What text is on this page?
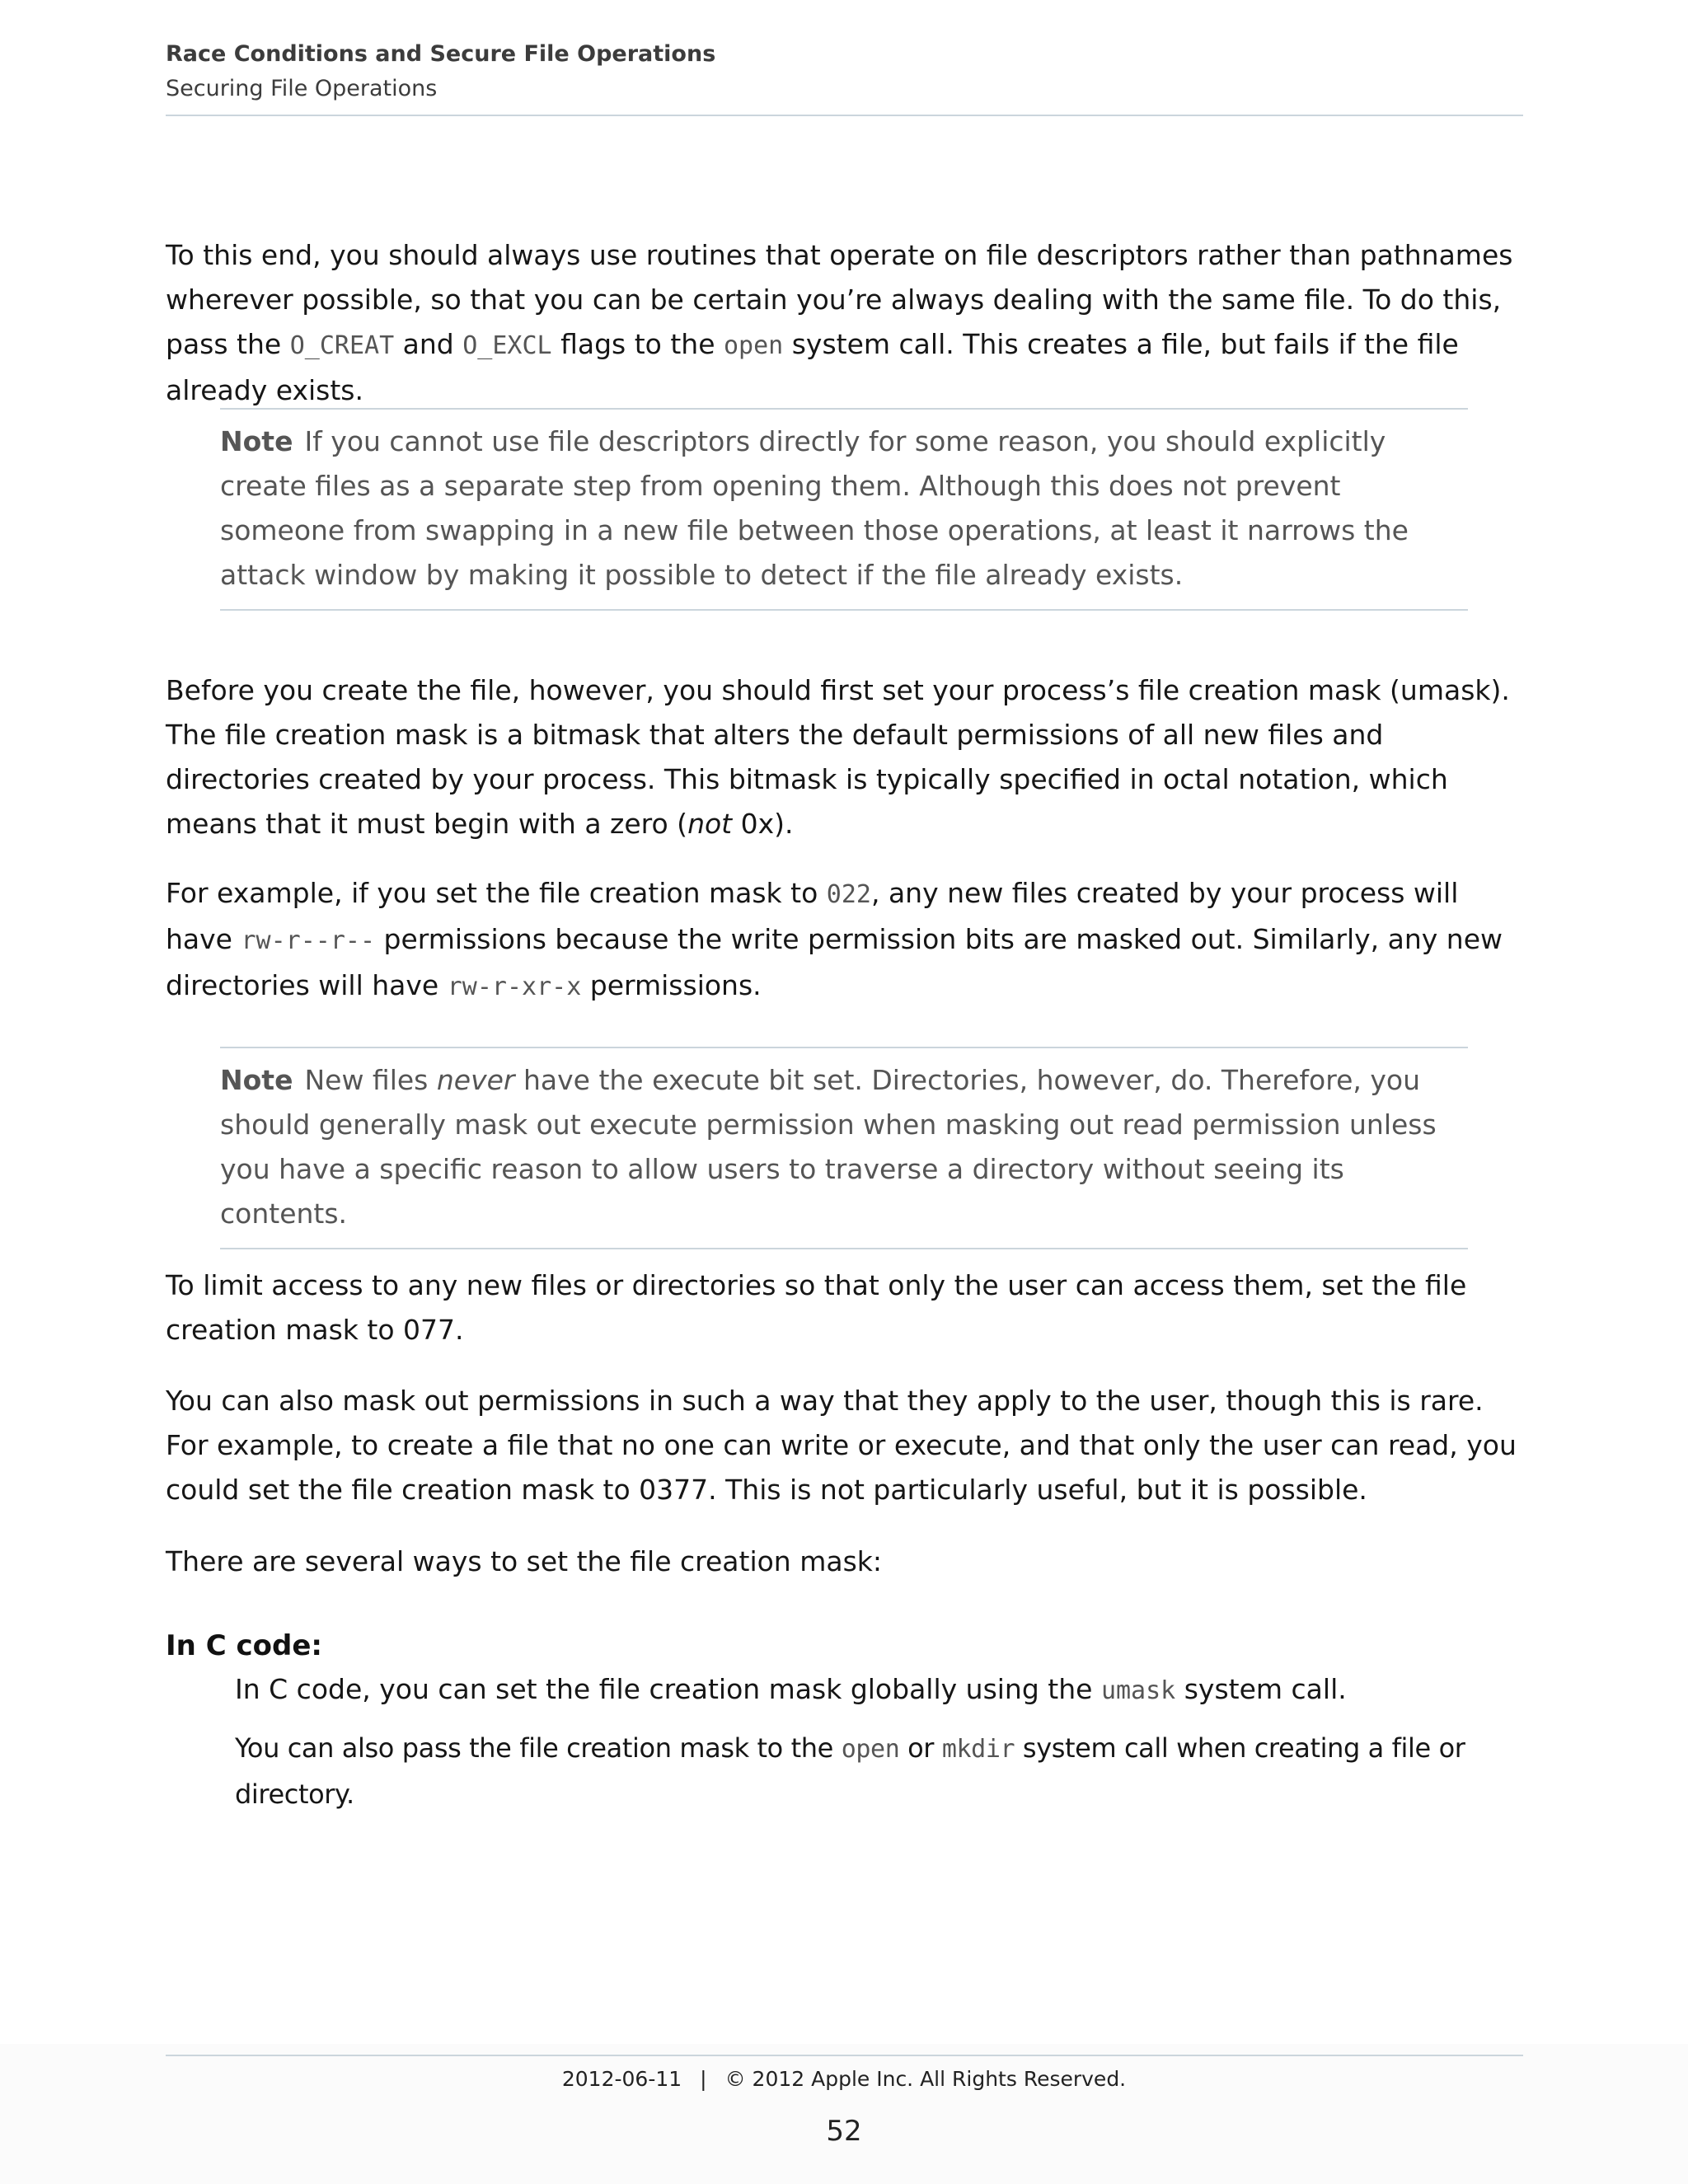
Race Conditions and Secure File Operations
Securing File Operations

To this end, you should always use routines that operate on file descriptors rather than pathnames wherever possible, so that you can be certain you’re always dealing with the same file. To do this, pass the O_CREAT and O_EXCL flags to the open system call. This creates a file, but fails if the file already exists.

Note If you cannot use file descriptors directly for some reason, you should explicitly create files as a separate step from opening them. Although this does not prevent someone from swapping in a new file between those operations, at least it narrows the attack window by making it possible to detect if the file already exists.

Before you create the file, however, you should first set your process’s file creation mask (umask). The file creation mask is a bitmask that alters the default permissions of all new files and directories created by your process. This bitmask is typically specified in octal notation, which means that it must begin with a zero (not 0x).

For example, if you set the file creation mask to 022, any new files created by your process will have rw-r--r-- permissions because the write permission bits are masked out. Similarly, any new directories will have rw-r-xr-x permissions.

Note New files never have the execute bit set. Directories, however, do. Therefore, you should generally mask out execute permission when masking out read permission unless you have a specific reason to allow users to traverse a directory without seeing its contents.

To limit access to any new files or directories so that only the user can access them, set the file creation mask to 077.

You can also mask out permissions in such a way that they apply to the user, though this is rare. For example, to create a file that no one can write or execute, and that only the user can read, you could set the file creation mask to 0377. This is not particularly useful, but it is possible.

There are several ways to set the file creation mask:

In C code:
In C code, you can set the file creation mask globally using the umask system call.
You can also pass the file creation mask to the open or mkdir system call when creating a file or directory.
2012-06-11 | © 2012 Apple Inc. All Rights Reserved.
52
